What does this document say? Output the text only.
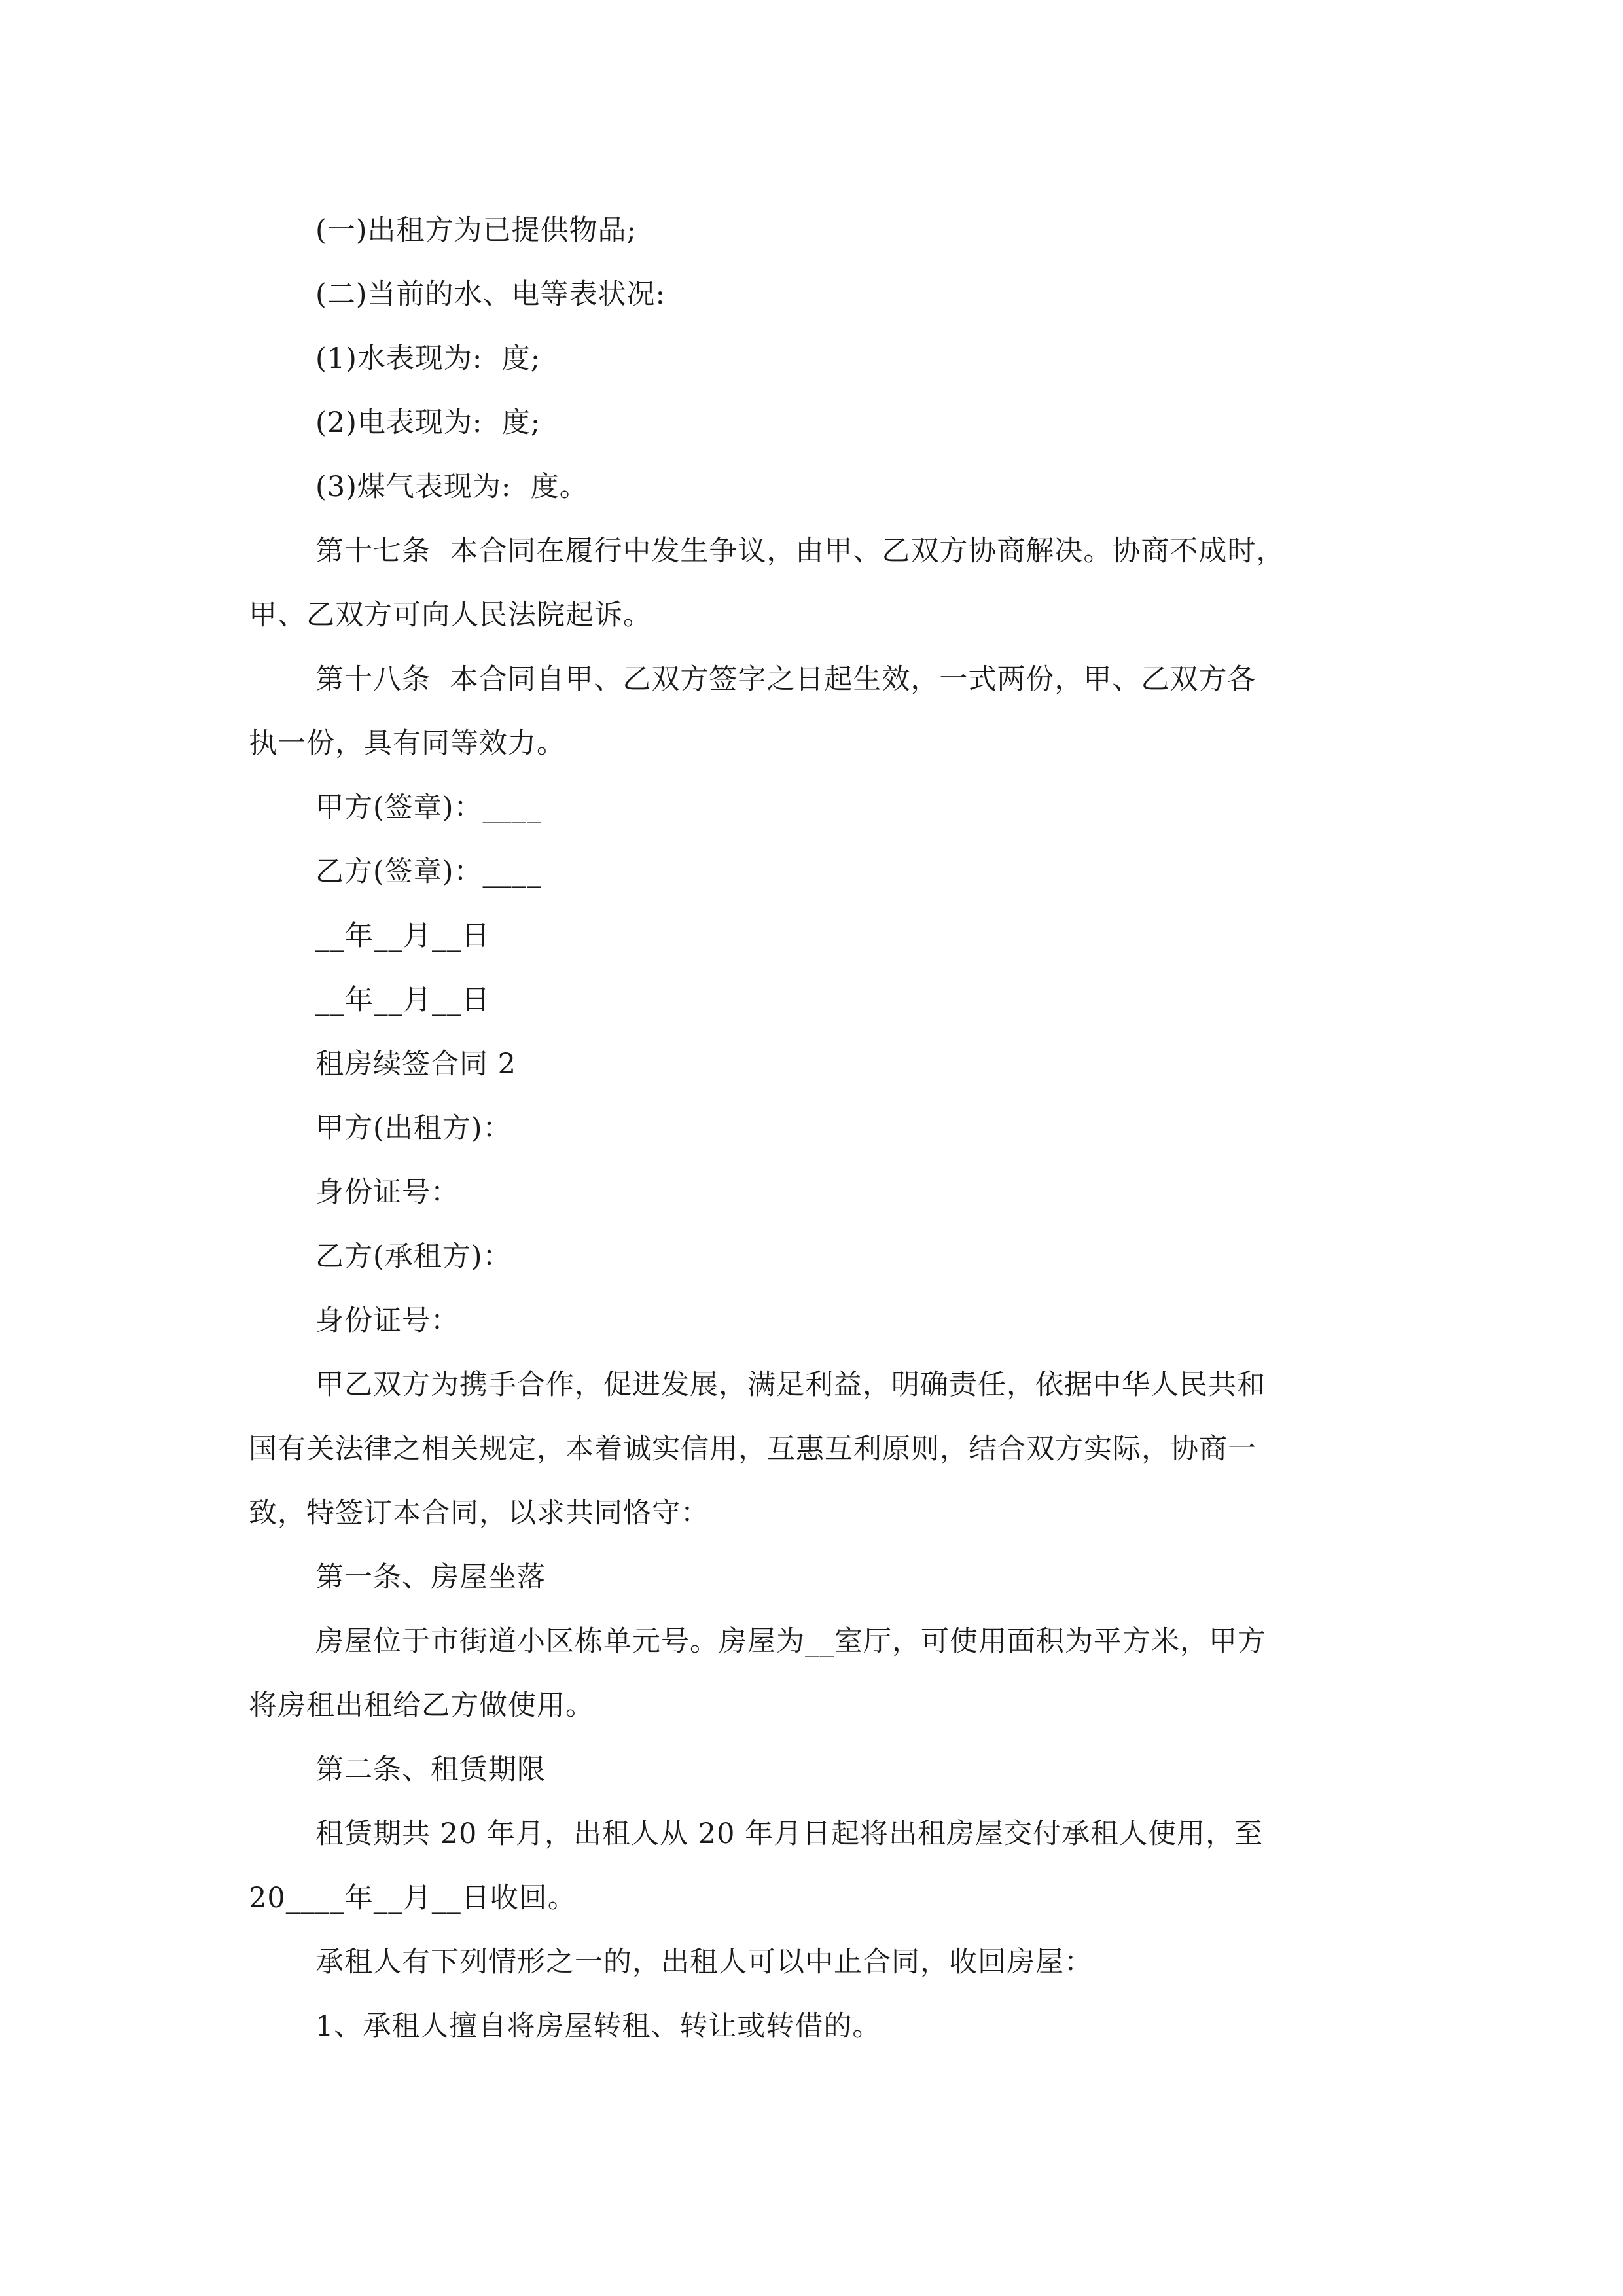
(一)出租方为已提供物品;
(二)当前的水、电等表状况:
(1)水表现为:  度;
(2)电表现为:  度;
(3)煤气表现为:  度。
第十七条  本合同在履行中发生争议，由甲、乙双方协商解决。协商不成时，
甲、乙双方可向人民法院起诉。
第十八条  本合同自甲、乙双方签字之日起生效，一式两份，甲、乙双方各
执一份，具有同等效力。
甲方(签章)：____
乙方(签章)：____
__年__月__日
__年__月__日
租房续签合同 2
甲方(出租方)：
身份证号：
乙方(承租方)：
身份证号：
甲乙双方为携手合作，促进发展，满足利益，明确责任，依据中华人民共和
国有关法律之相关规定，本着诚实信用，互惠互利原则，结合双方实际，协商一
致，特签订本合同，以求共同恪守：
第一条、房屋坐落
房屋位于市街道小区栋单元号。房屋为__室厅，可使用面积为平方米，甲方
将房租出租给乙方做使用。
第二条、租赁期限
租赁期共 20 年月，出租人从 20 年月日起将出租房屋交付承租人使用，至
20____年__月__日收回。
承租人有下列情形之一的，出租人可以中止合同，收回房屋：
1、承租人擅自将房屋转租、转让或转借的。
